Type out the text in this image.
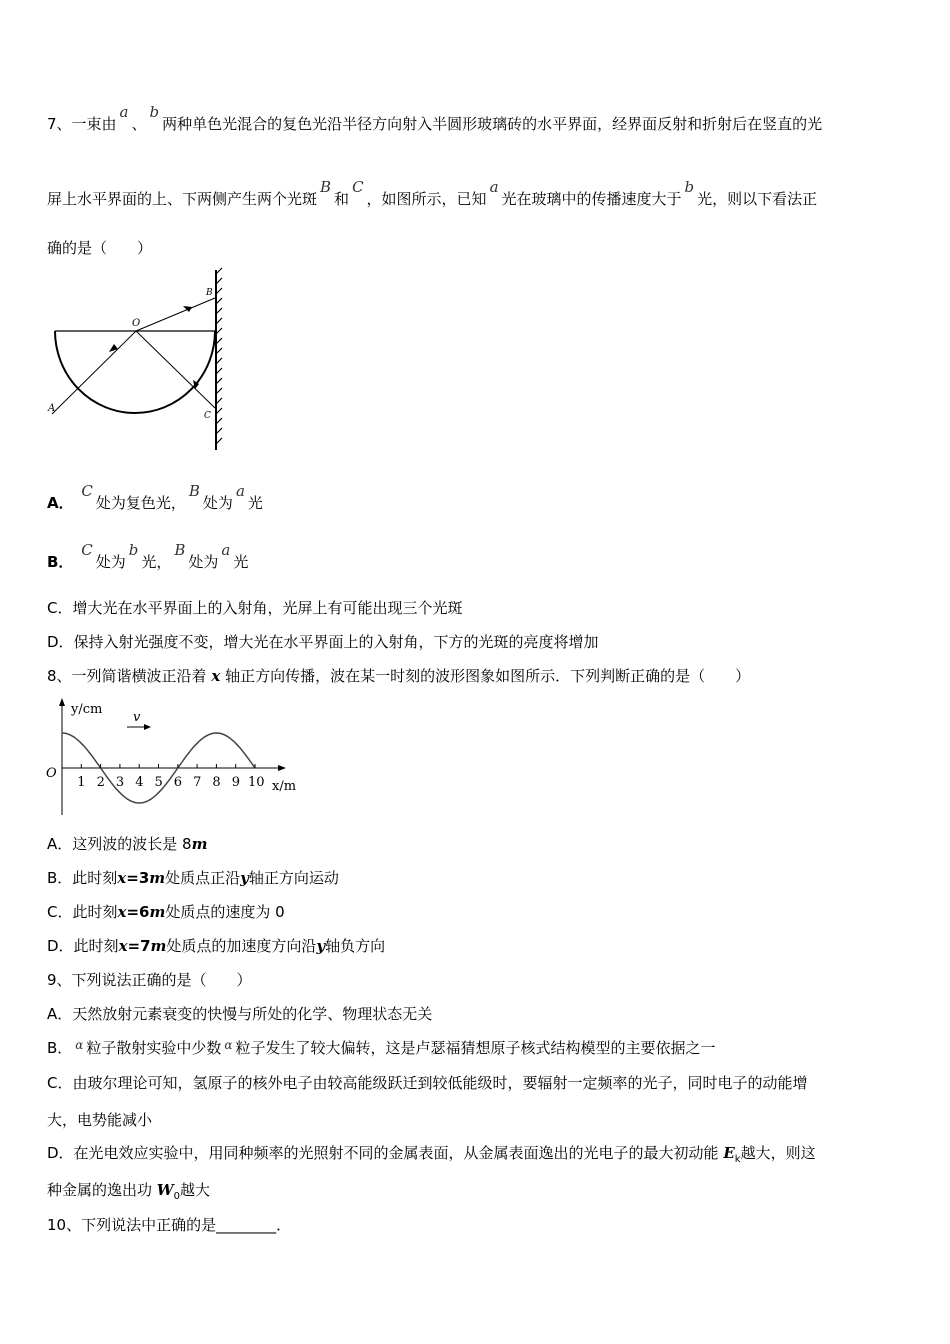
7、一束由a、b两种单色光混合的复色光沿半径方向射入半圆形玻璃砖的水平界面，经界面反射和折射后在竖直的光
屏上水平界面的上、下两侧产生两个光斑B和C，如图所示，已知a光在玻璃中的传播速度大于b光，则以下看法正
确的是（　　）
A
B
C
O
A． C处为复色光，B处为a光
B． C处为b光，B处为a光
C．增大光在水平界面上的入射角，光屏上有可能出现三个光斑
D．保持入射光强度不变，增大光在水平界面上的入射角，下方的光斑的亮度将增加
8、一列简谐横波正沿着 x 轴正方向传播，波在某一时刻的波形图象如图所示．下列判断正确的是（　　）
1 2 3 4 5 6 7 8 9 10
y/cm
x/m
O
v
A．这列波的波长是 8m
B．此时刻x=3m处质点正沿y轴正方向运动
C．此时刻x=6m处质点的速度为 0
D．此时刻x=7m处质点的加速度方向沿y轴负方向
9、下列说法正确的是（　　）
A．天然放射元素衰变的快慢与所处的化学、物理状态无关
B． $^\alpha$ 粒子散射实验中少数 $^\alpha$ 粒子发生了较大偏转，这是卢瑟福猜想原子核式结构模型的主要依据之一
C．由玻尔理论可知，氢原子的核外电子由较高能级跃迁到较低能级时，要辐射一定频率的光子，同时电子的动能增
大，电势能减小
D．在光电效应实验中，用同种频率的光照射不同的金属表面，从金属表面逸出的光电子的最大初动能 $E_k$越大，则这
种金属的逸出功 $W_0$越大
10、下列说法中正确的是________．
